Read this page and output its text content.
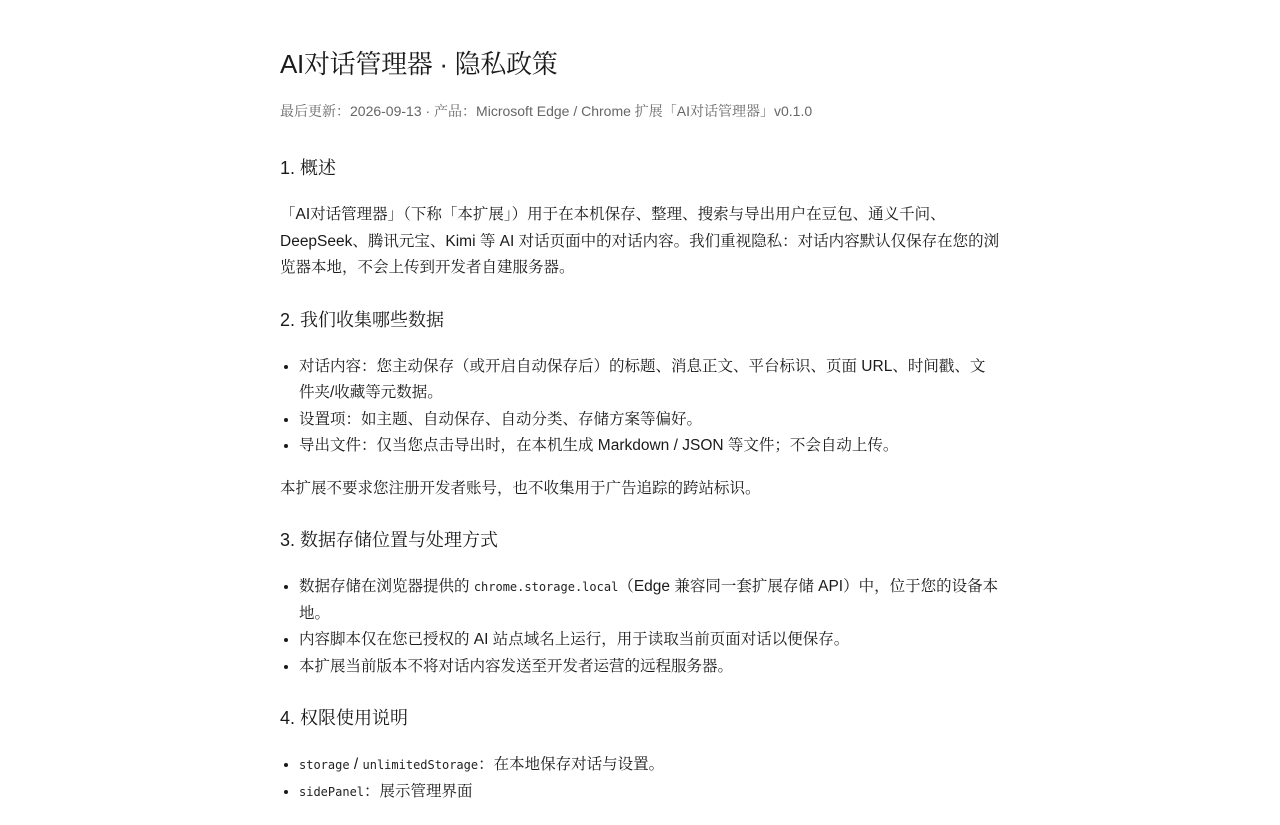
AI对话管理器 · 隐私政策
最后更新：2026-09-13 · 产品：Microsoft Edge / Chrome 扩展「AI对话管理器」v0.1.0
1. 概述

「AI对话管理器」（下称「本扩展」）用于在本机保存、整理、搜索与导出用户在豆包、通义千问、DeepSeek、腾讯元宝、Kimi 等 AI 对话页面中的对话内容。我们重视隐私：对话内容默认仅保存在您的浏览器本地，不会上传到开发者自建服务器。

2. 我们收集哪些数据
• 对话内容：您主动保存（或开启自动保存后）的标题、消息正文、平台标识、页面 URL、时间戳、文件夹/收藏等元数据。
• 设置项：如主题、自动保存、自动分类、存储方案等偏好。
• 导出文件：仅当您点击导出时，在本机生成 Markdown / JSON 等文件；不会自动上传。

本扩展不要求您注册开发者账号，也不收集用于广告追踪的跨站标识。

3. 数据存储位置与处理方式
• 数据存储在浏览器提供的 chrome.storage.local（Edge 兼容同一套扩展存储 API）中，位于您的设备本地。
• 内容脚本仅在您已授权的 AI 站点域名上运行，用于读取当前页面对话以便保存。
• 本扩展当前版本不将对话内容发送至开发者运营的远程服务器。
4. 权限使用说明
• storage / unlimitedStorage：在本地保存对话与设置。
• sidePanel：展示管理界面
